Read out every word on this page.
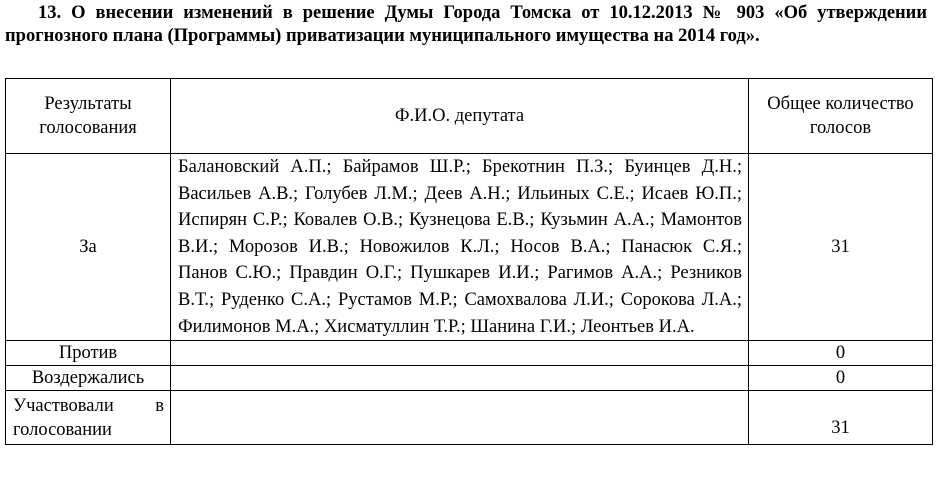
13. О внесении изменений в решение Думы Города Томска от 10.12.2013 № 903 «Об утверждении прогнозного плана (Программы) приватизации муниципального имущества на 2014 год».
Результаты голосования	Ф.И.О. депутата	Общее количество голосов
За	Балановский А.П.; Байрамов Ш.Р.; Брекотнин П.З.; Буинцев Д.Н.; Васильев А.В.; Голубев Л.М.; Деев А.Н.; Ильиных С.Е.; Исаев Ю.П.; Испирян С.Р.; Ковалев О.В.; Кузнецова Е.В.; Кузьмин А.А.; Мамонтов В.И.; Морозов И.В.; Новожилов К.Л.; Носов В.А.; Панасюк С.Я.; Панов С.Ю.; Правдин О.Г.; Пушкарев И.И.; Рагимов А.А.; Резников В.Т.; Руденко С.А.; Рустамов М.Р.; Самохвалова Л.И.; Сорокова Л.А.; Филимонов М.А.; Хисматуллин Т.Р.; Шанина Г.И.; Леонтьев И.А.	31
Против		0
Воздержались		0
Участвовали в голосовании		31
